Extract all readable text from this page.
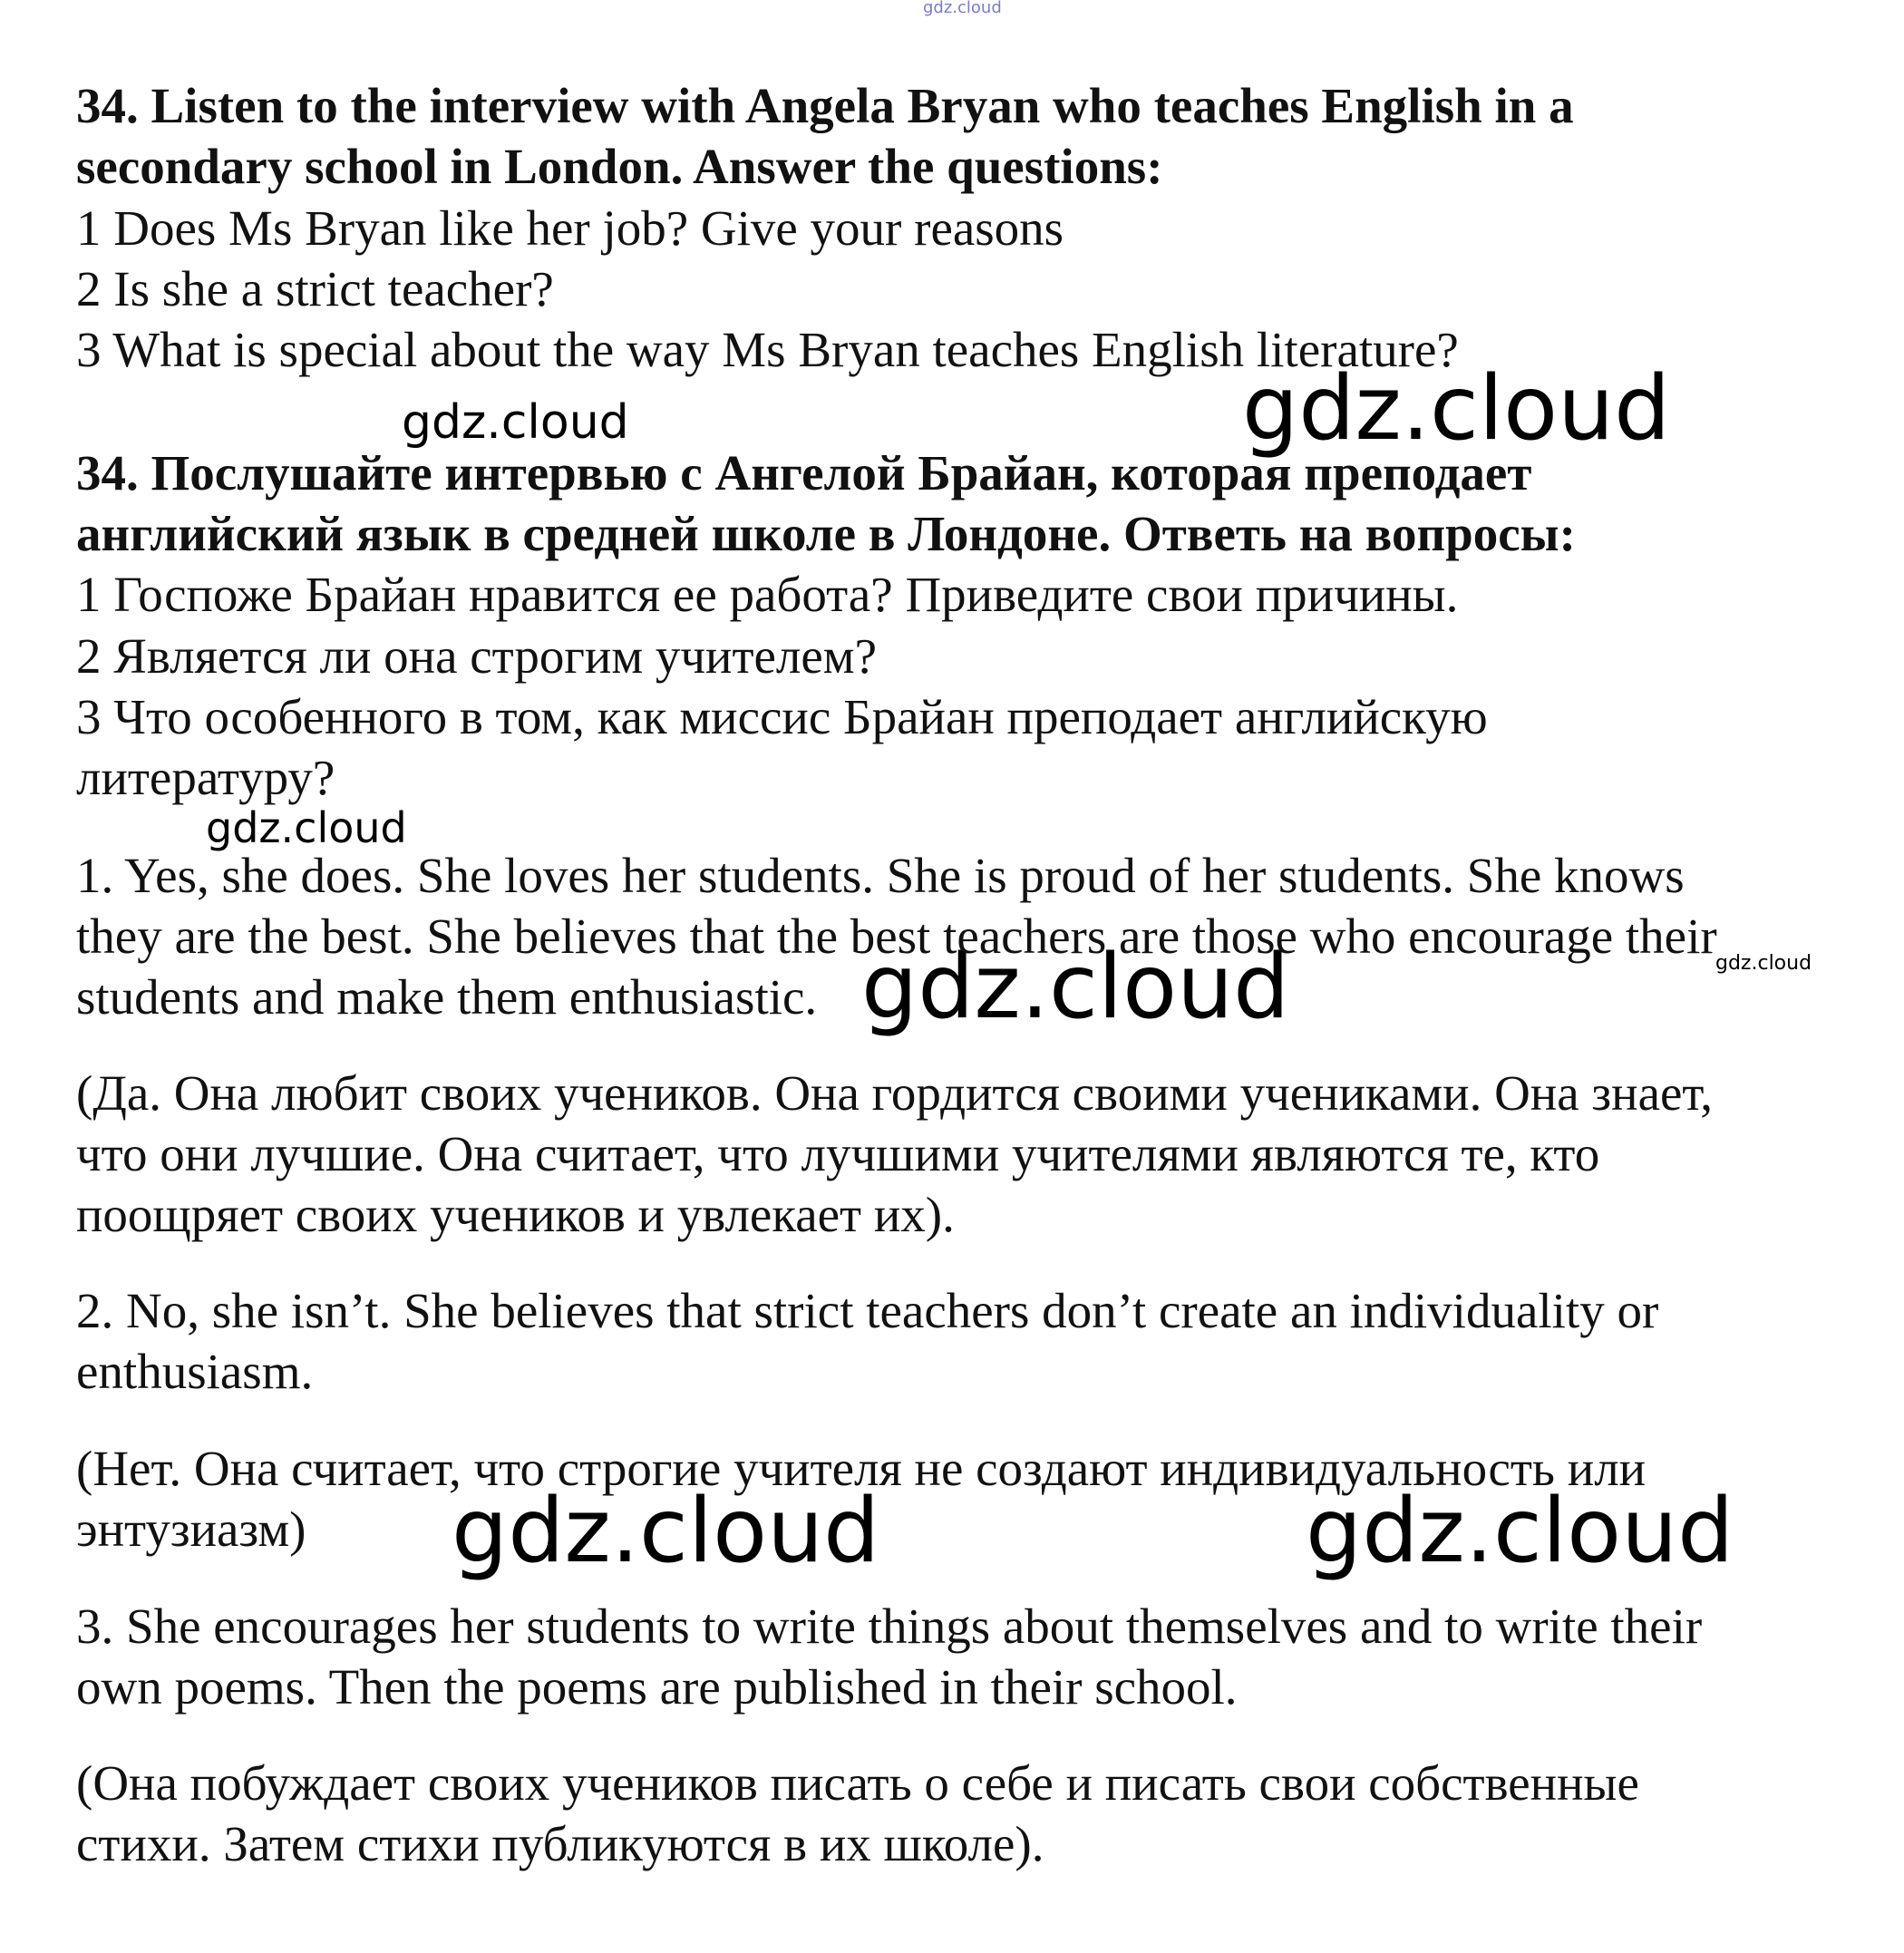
gdz.cloud
gdz.cloud	gdz.cloud
gdz.cloud
gdz.cloud	gdz.cloud
gdz.cloud	gdz.cloud
34. Listen to the interview with Angela Bryan who teaches English in a
secondary school in London. Answer the questions:
1 Does Ms Bryan like her job? Give your reasons
2 Is she a strict teacher?
3 What is special about the way Ms Bryan teaches English literature?
34. Послушайте интервью с Ангелой Брайан, которая преподает
английский язык в средней школе в Лондоне. Ответь на вопросы:
1 Госпоже Брайан нравится ее работа? Приведите свои причины.
2 Является ли она строгим учителем?
3 Что особенного в том, как миссис Брайан преподает английскую
литературу?
1. Yes, she does. She loves her students. She is proud of her students. She knows
they are the best. She believes that the best teachers are those who encourage their
students and make them enthusiastic.
(Да. Она любит своих учеников. Она гордится своими учениками. Она знает,
что они лучшие. Она считает, что лучшими учителями являются те, кто
поощряет своих учеников и увлекает их).
2. No, she isn’t. She believes that strict teachers don’t create an individuality or
enthusiasm.
(Нет. Она считает, что строгие учителя не создают индивидуальность или
энтузиазм)
3. She encourages her students to write things about themselves and to write their
own poems. Then the poems are published in their school.
(Она побуждает своих учеников писать о себе и писать свои собственные
стихи. Затем стихи публикуются в их школе).
